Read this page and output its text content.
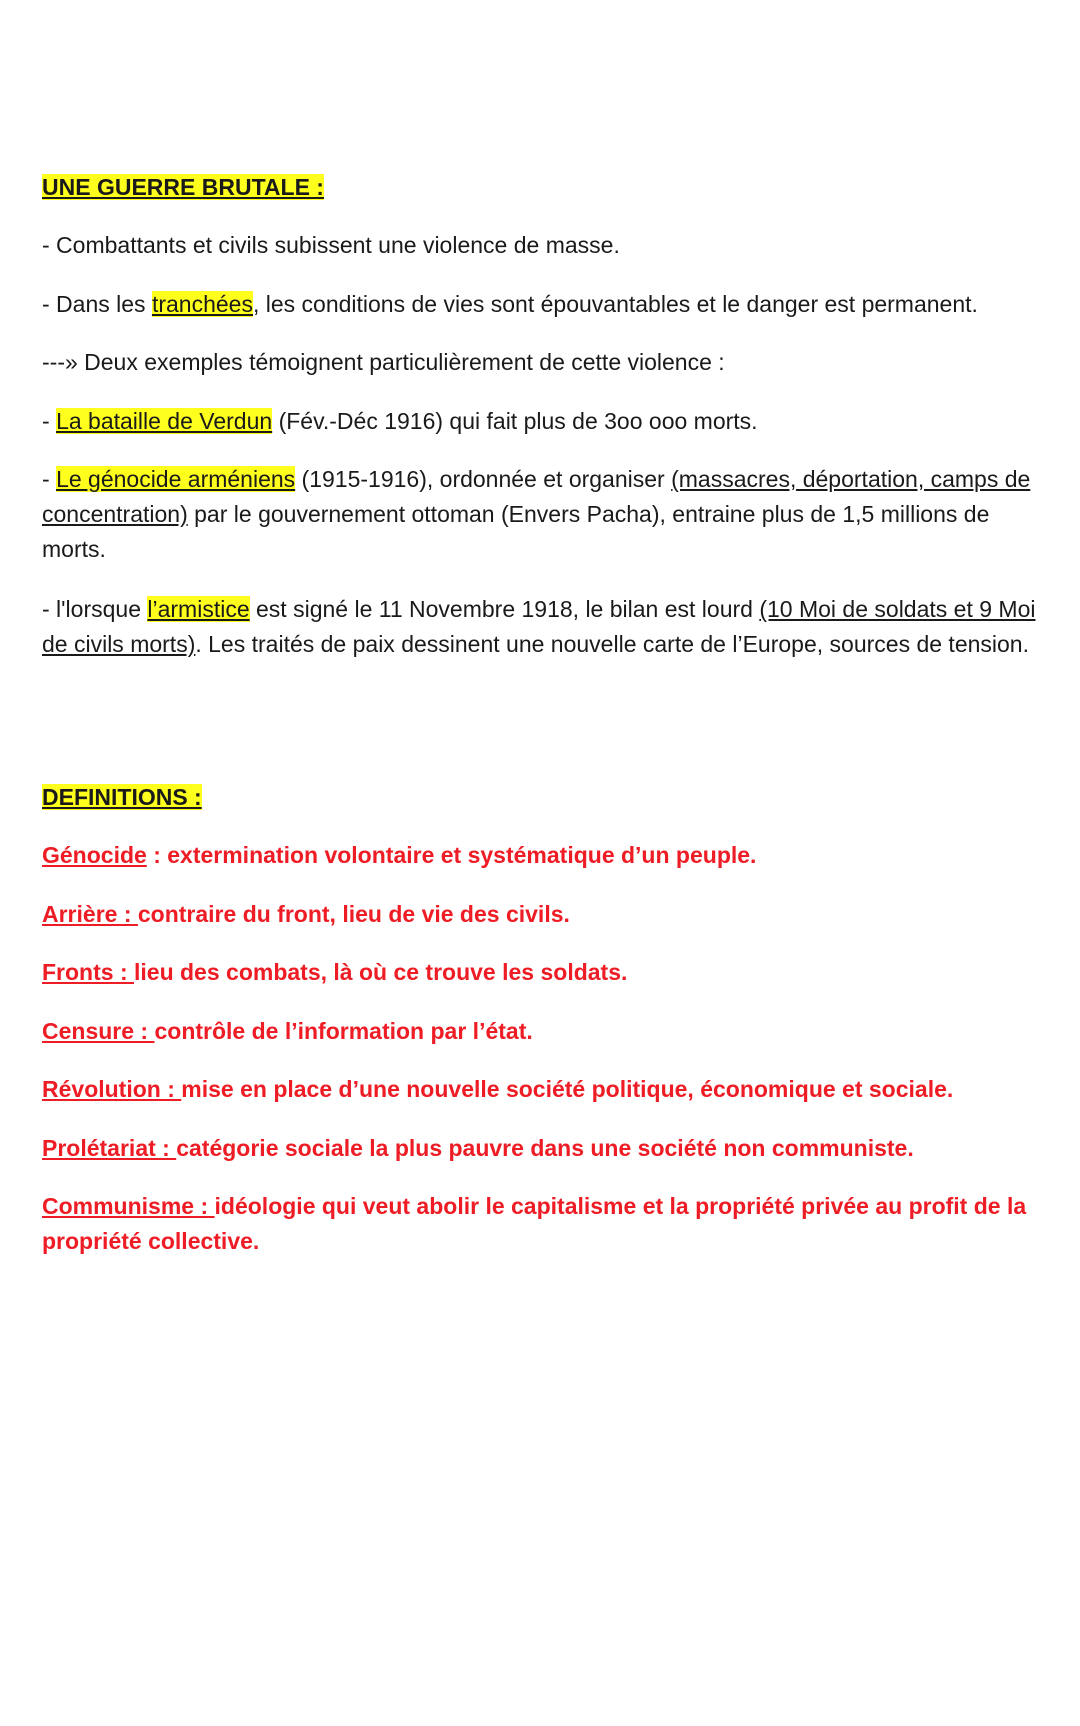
UNE GUERRE BRUTALE :
- Combattants et civils subissent une violence de masse.
- Dans les tranchées, les conditions de vies sont épouvantables et le danger est permanent.
---» Deux exemples témoignent particulièrement de cette violence :
- La bataille de Verdun (Fév.-Déc 1916) qui fait plus de 3oo ooo morts.
- Le génocide arméniens (1915-1916), ordonnée et organiser (massacres, déportation, camps de concentration) par le gouvernement ottoman (Envers Pacha), entraine plus de 1,5 millions de morts.
- l'lorsque l’armistice est signé le 11 Novembre 1918, le bilan est lourd (10 Moi de soldats et 9 Moi de civils morts). Les traités de paix dessinent une nouvelle carte de l’Europe, sources de tension.
DEFINITIONS :
Génocide : extermination volontaire et systématique d’un peuple.
Arrière : contraire du front, lieu de vie des civils.
Fronts : lieu des combats, là où ce trouve les soldats.
Censure : contrôle de l’information par l’état.
Révolution : mise en place d’une nouvelle société politique, économique et sociale.
Prolétariat : catégorie sociale la plus pauvre dans une société non communiste.
Communisme : idéologie qui veut abolir le capitalisme et la propriété privée au profit de la propriété collective.
